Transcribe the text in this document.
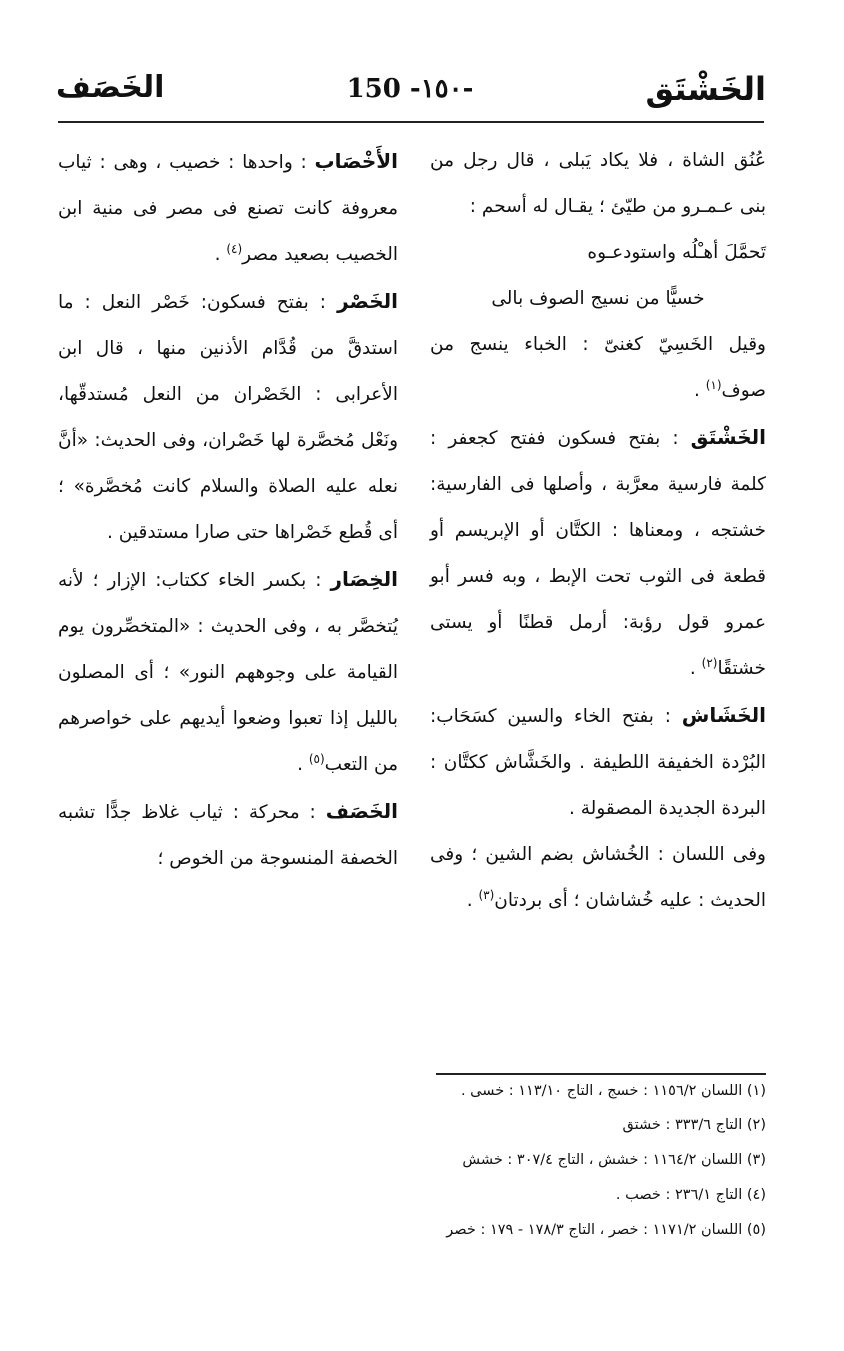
الخَشْتَق
150 -١٥٠-
الخَصَف

عُنُق الشاة ، فلا يكاد يَبلى ، قال رجل من بنى عـمـرو من طيّئ ؛ يقـال له أسحم :

تَحمَّلَ أهـْلُه واستودعـوه

خسيًّا من نسيج الصوف بالى

وقيل الخَسِيّ كغنىّ : الخباء ينسج من صوف$^{(١)}$ .

الخَشْتَق : بفتح فسكون ففتح كجعفر : كلمة فارسية معرَّبة ، وأصلها فى الفارسية: خشتجه ، ومعناها : الكتَّان أو الإبريسم أو قطعة فى الثوب تحت الإبط ، وبه فسر أبو عمرو قول رؤبة: أرمل قطنًا أو يستى خشتقًا$^{(٢)}$ .

الخَشَاش : بفتح الخاء والسين كسَحَاب: البُرْدة الخفيفة اللطيفة . والخَشَّاش ككتَّان : البردة الجديدة المصقولة .

وفى اللسان : الخُشاش بضم الشين ؛ وفى الحديث : عليه خُشاشان ؛ أى بردتان$^{(٣)}$ .

الأَخْصَاب : واحدها : خصيب ، وهى : ثياب معروفة كانت تصنع فى مصر فى منية ابن الخصيب بصعيد مصر$^{(٤)}$ .

الخَصْر : بفتح فسكون: خَصْر النعل : ما استدقَّ من قُدَّام الأذنين منها ، قال ابن الأعرابى : الخَصْران من النعل مُستدقّها، ونَعْل مُخصَّرة لها خَصْران، وفى الحديث: «أنَّ نعله عليه الصلاة والسلام كانت مُخصَّرة» ؛ أى قُطع خَصْراها حتى صارا مستدقين .

الخِصَار : بكسر الخاء ككتاب: الإزار ؛ لأنه يُتخصَّر به ، وفى الحديث : «المتخصِّرون يوم القيامة على وجوههم النور» ؛ أى المصلون بالليل إذا تعبوا وضعوا أيديهم على خواصرهم من التعب$^{(٥)}$ .

الخَصَف : محركة : ثياب غلاظ جدًّا تشبه الخصفة المنسوجة من الخوص ؛

(١) اللسان ١١٥٦/٢ : خسج ، التاج ١١٣/١٠ : خسى .
(٢) التاج ٣٣٣/٦ : خشتق
(٣) اللسان ١١٦٤/٢ : خشش ، التاج ٣٠٧/٤ : خشش
(٤) التاج ٢٣٦/١ : خصب .
(٥) اللسان ١١٧١/٢ : خصر ، التاج ١٧٨/٣ - ١٧٩ : خصر
